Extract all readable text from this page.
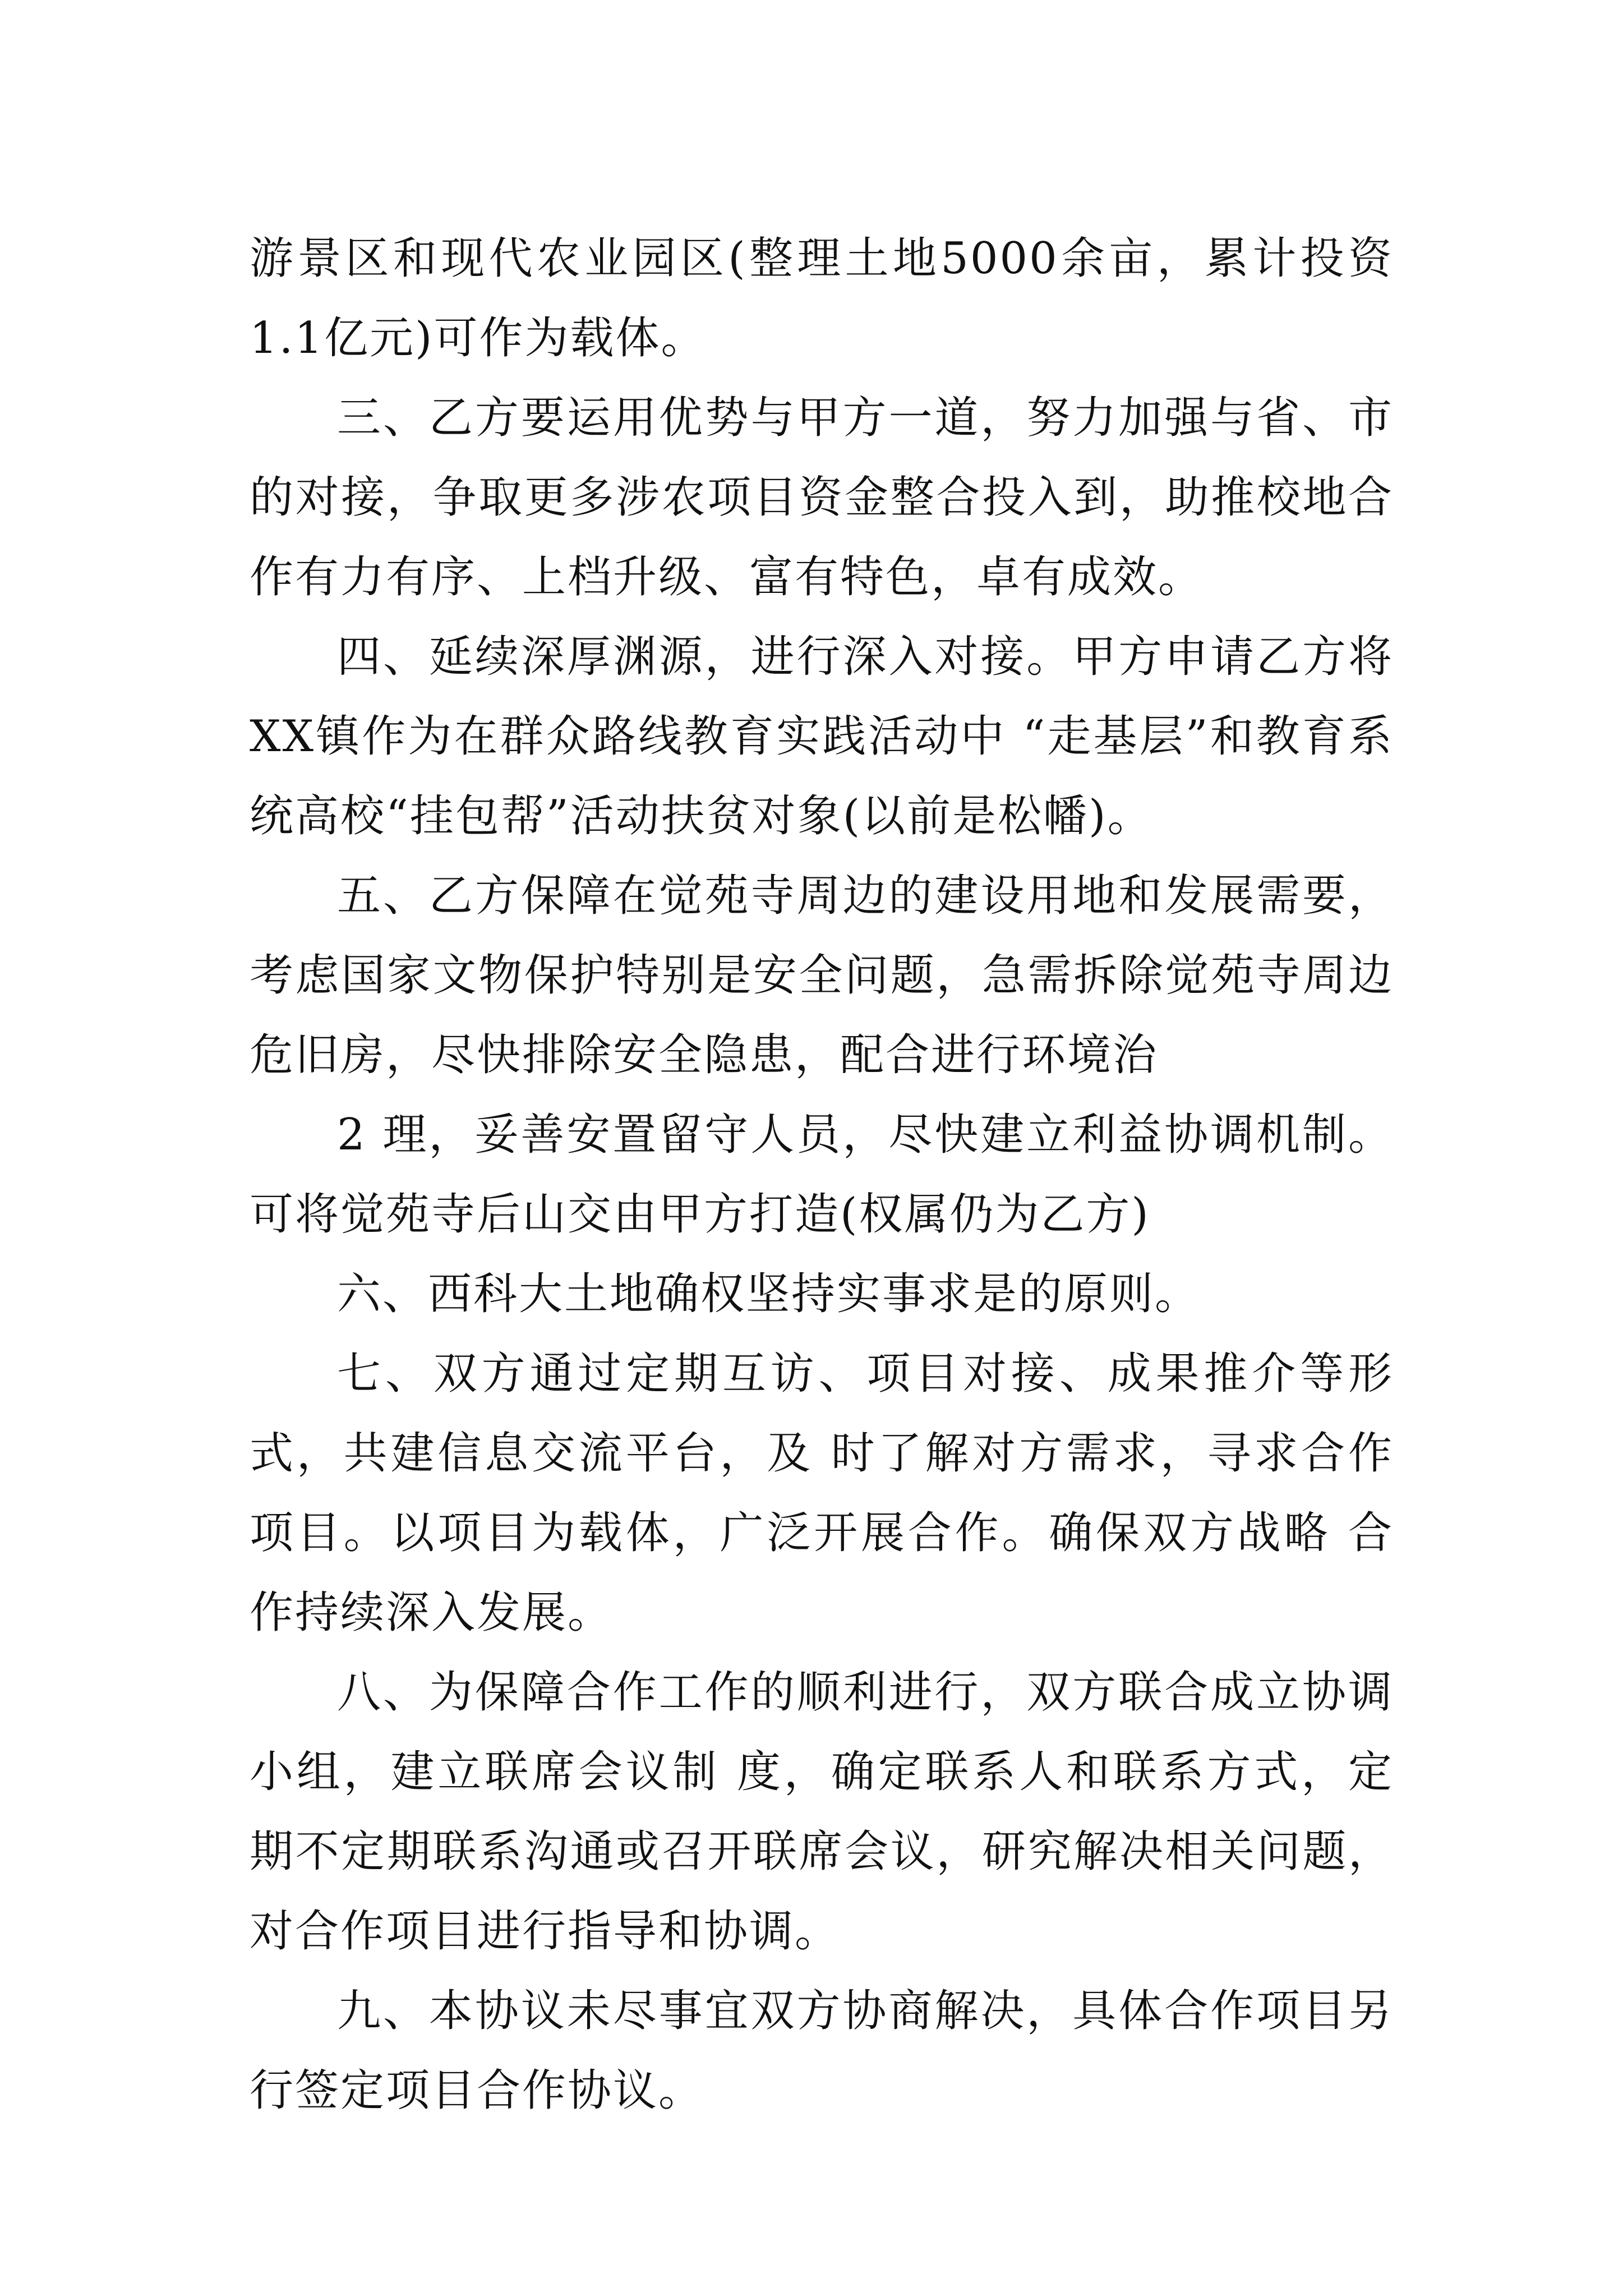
游景区和现代农业园区(整理土地5000余亩，累计投资1.1亿元)可作为载体。

三、乙方要运用优势与甲方一道，努力加强与省、市的对接，争取更多涉农项目资金整合投入到，助推校地合作有力有序、上档升级、富有特色，卓有成效。

四、延续深厚渊源，进行深入对接。甲方申请乙方将XX镇作为在群众路线教育实践活动中 “走基层”和教育系统高校“挂包帮”活动扶贫对象(以前是松幡)。

五、乙方保障在觉苑寺周边的建设用地和发展需要，考虑国家文物保护特别是安全问题，急需拆除觉苑寺周边危旧房，尽快排除安全隐患，配合进行环境治

2 理，妥善安置留守人员，尽快建立利益协调机制。可将觉苑寺后山交由甲方打造(权属仍为乙方)

六、西科大土地确权坚持实事求是的原则。

七、双方通过定期互访、项目对接、成果推介等形式，共建信息交流平台，及 时了解对方需求，寻求合作项目。以项目为载体，广泛开展合作。确保双方战略 合作持续深入发展。

八、为保障合作工作的顺利进行，双方联合成立协调小组，建立联席会议制 度，确定联系人和联系方式，定期不定期联系沟通或召开联席会议，研究解决相关问题，对合作项目进行指导和协调。

九、本协议未尽事宜双方协商解决，具体合作项目另行签定项目合作协议。
